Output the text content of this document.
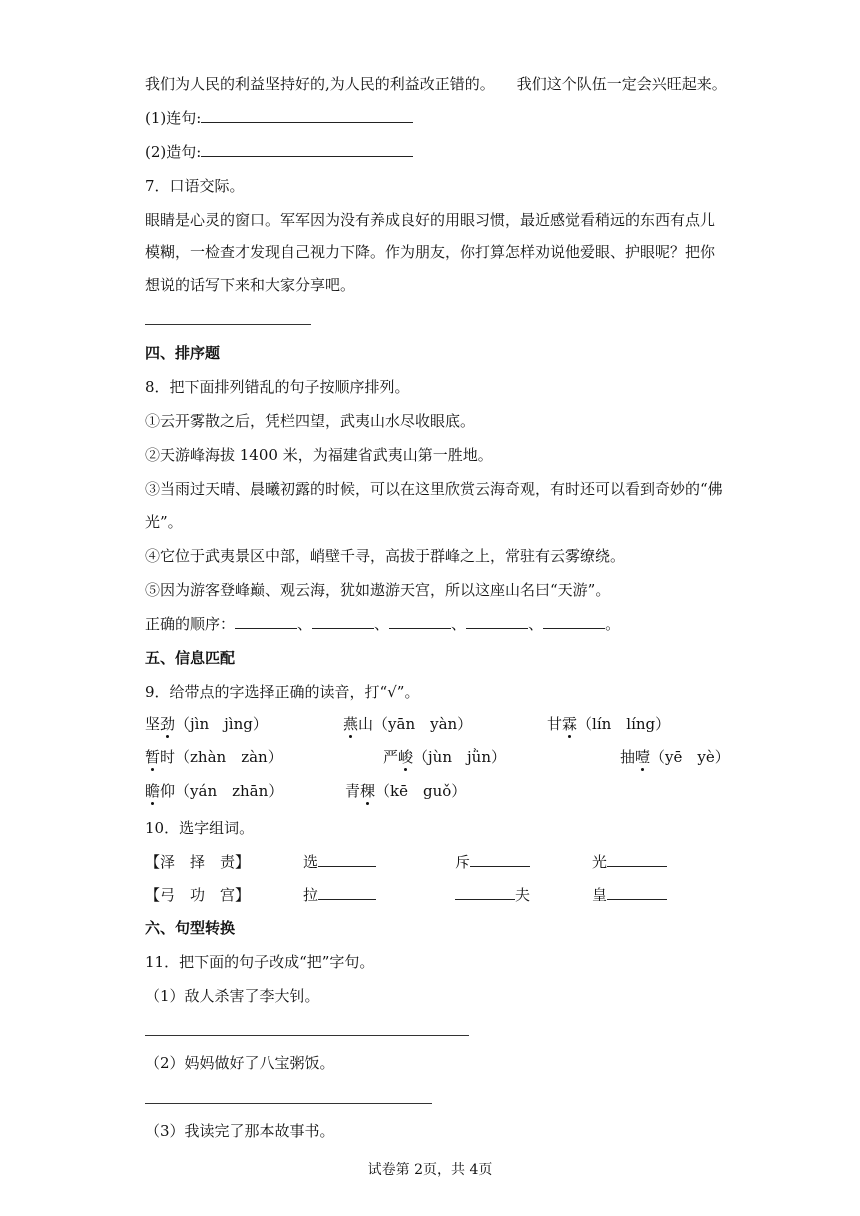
我们为人民的利益坚持好的,为人民的利益改正错的。 我们这个队伍一定会兴旺起来。
(1)连句:
(2)造句:
7．口语交际。
眼睛是心灵的窗口。军军因为没有养成良好的用眼习惯，最近感觉看稍远的东西有点儿
模糊，一检查才发现自己视力下降。作为朋友，你打算怎样劝说他爱眼、护眼呢？把你
想说的话写下来和大家分享吧。
四、排序题
8．把下面排列错乱的句子按顺序排列。
①云开雾散之后，凭栏四望，武夷山水尽收眼底。
②天游峰海拔 1400 米，为福建省武夷山第一胜地。
③当雨过天晴、晨曦初露的时候，可以在这里欣赏云海奇观，有时还可以看到奇妙的“佛
光”。
④它位于武夷景区中部，峭壁千寻，高拔于群峰之上，常驻有云雾缭绕。
⑤因为游客登峰巅、观云海，犹如遨游天宫，所以这座山名曰“天游”。
正确的顺序：	、	、	、	、	。
五、信息匹配
9．给带点的字选择正确的读音，打“√”。
坚劲（jìn　jìng）	燕山（yān　yàn）	甘霖（lín　líng）
暂时（zhàn　zàn）	严峻（jùn　jǜn）	抽噎（yē　yè）
瞻仰（yán　zhān）	青稞（kē　guǒ）
10．选字组词。
【泽　择　责】	选	斥	光
【弓　功　宫】	拉	夫	皇
六、句型转换
11．把下面的句子改成“把”字句。
（1）敌人杀害了李大钊。
（2）妈妈做好了八宝粥饭。
（3）我读完了那本故事书。
试卷第 2页，共 4页
